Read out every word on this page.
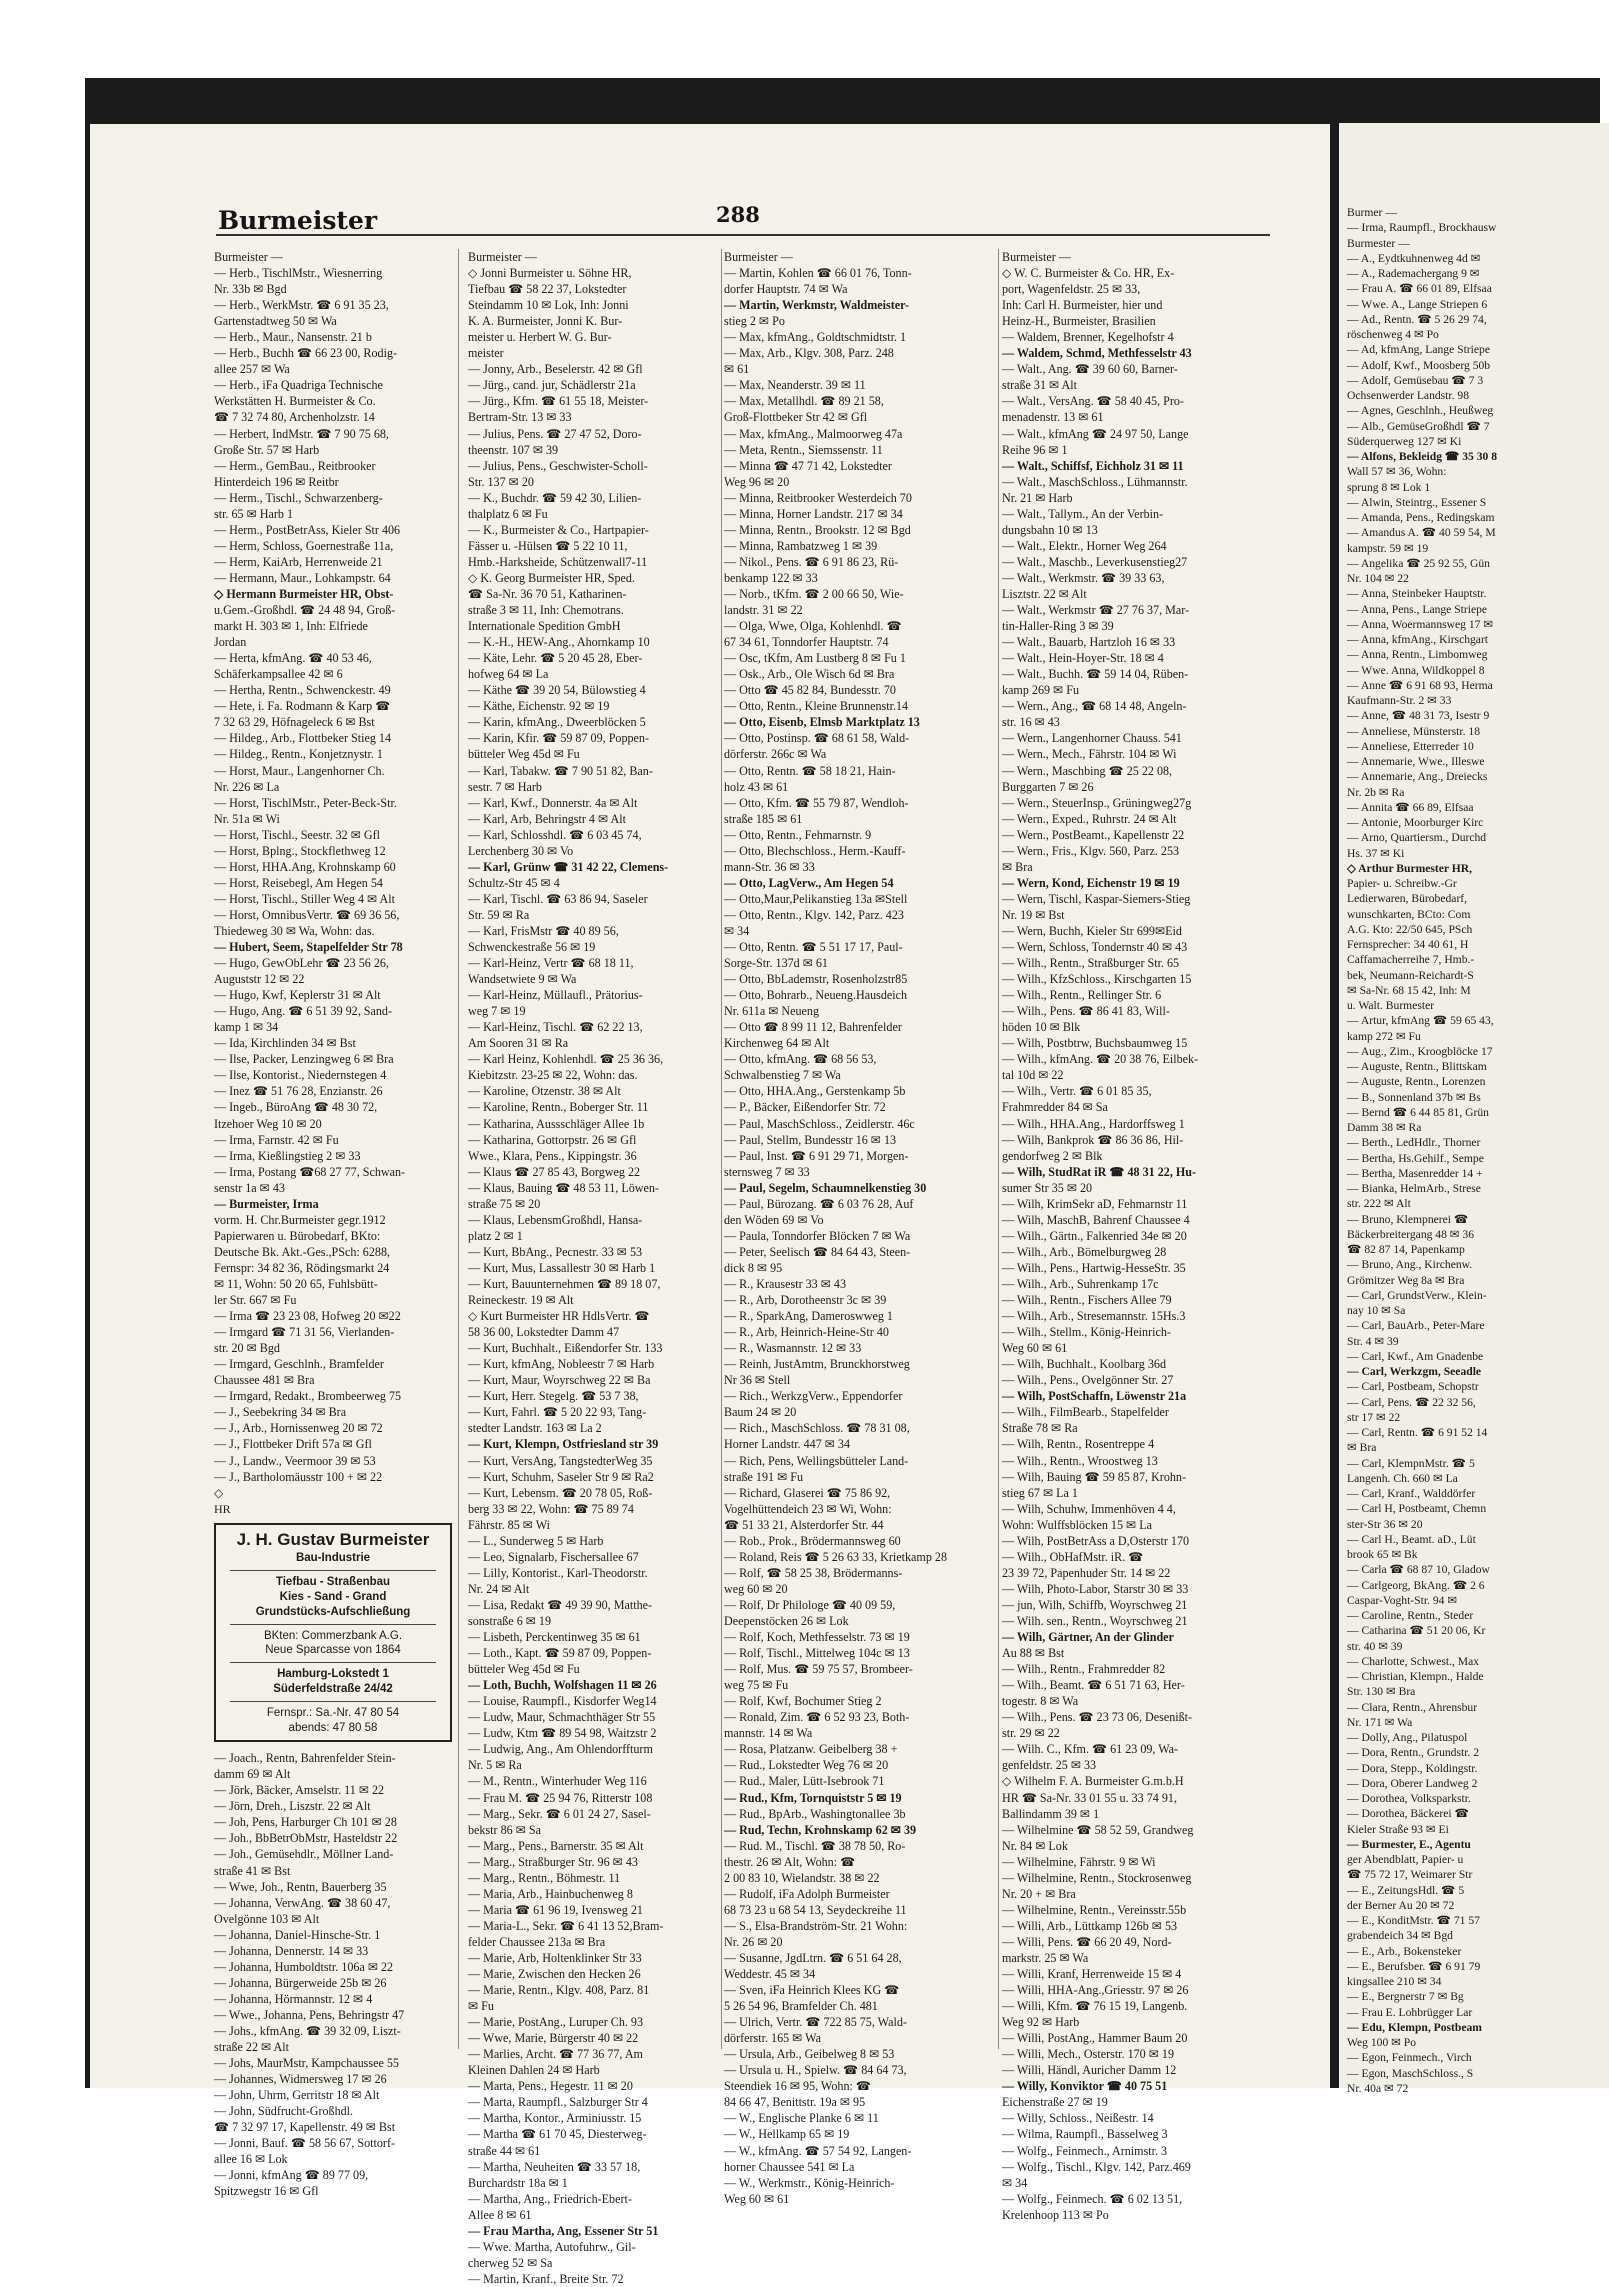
Burmeister	288
Burmeister —
— Herb., TischlMstr., Wiesnerring
Nr. 33b ✉ Bgd
— Herb., WerkMstr. ☎ 6 91 35 23,
Gartenstadtweg 50 ✉ Wa
— Herb., Maur., Nansenstr. 21 b
— Herb., Buchh ☎ 66 23 00, Rodig-
allee 257 ✉ Wa
— Herb., iFa Quadriga Technische
Werkstätten H. Burmeister & Co.
☎ 7 32 74 80, Archenholzstr. 14
— Herbert, IndMstr. ☎ 7 90 75 68,
Große Str. 57 ✉ Harb
— Herm., GemBau., Reitbrooker
Hinterdeich 196 ✉ Reitbr
— Herm., Tischl., Schwarzenberg-
str. 65 ✉ Harb 1
— Herm., PostBetrAss, Kieler Str 406
— Herm, Schloss, Goernestraße 11a,
— Herm, KaiArb, Herrenweide 21
— Hermann, Maur., Lohkampstr. 64
◇ Hermann Burmeister HR, Obst-
u.Gem.-Großhdl. ☎ 24 48 94, Groß-
markt H. 303 ✉ 1, Inh: Elfriede
Jordan
— Herta, kfmAng. ☎ 40 53 46,
Schäferkampsallee 42 ✉ 6
— Hertha, Rentn., Schwenckestr. 49
— Hete, i. Fa. Rodmann & Karp ☎
7 32 63 29, Höfnageleck 6 ✉ Bst
— Hildeg., Arb., Flottbeker Stieg 14
— Hildeg., Rentn., Konjetznystr. 1
— Horst, Maur., Langenhorner Ch.
Nr. 226 ✉ La
— Horst, TischlMstr., Peter-Beck-Str.
Nr. 51a ✉ Wi
— Horst, Tischl., Seestr. 32 ✉ Gfl
— Horst, Bplng., Stockflethweg 12
— Horst, HHA.Ang, Krohnskamp 60
— Horst, Reisebegl, Am Hegen 54
— Horst, Tischl., Stiller Weg 4 ✉ Alt
— Horst, OmnibusVertr. ☎ 69 36 56,
Thiedeweg 30 ✉ Wa, Wohn: das.
— Hubert, Seem, Stapelfelder Str 78
— Hugo, GewObLehr ☎ 23 56 26,
Auguststr 12 ✉ 22
— Hugo, Kwf, Keplerstr 31 ✉ Alt
— Hugo, Ang. ☎ 6 51 39 92, Sand-
kamp 1 ✉ 34
— Ida, Kirchlinden 34 ✉ Bst
— Ilse, Packer, Lenzingweg 6 ✉ Bra
— Ilse, Kontorist., Niedernstegen 4
— Inez ☎ 51 76 28, Enzianstr. 26
— Ingeb., BüroAng ☎ 48 30 72,
Itzehoer Weg 10 ✉ 20
— Irma, Farnstr. 42 ✉ Fu
— Irma, Kießlingstieg 2 ✉ 33
— Irma, Postang ☎68 27 77, Schwan-
senstr 1a ✉ 43
— Burmeister, Irma
vorm. H. Chr.Burmeister gegr.1912
Papierwaren u. Bürobedarf, BKto:
Deutsche Bk. Akt.-Ges.,PSch: 6288,
Fernspr: 34 82 36, Rödingsmarkt 24
✉ 11, Wohn: 50 20 65, Fuhlsbütt-
ler Str. 667 ✉ Fu
— Irma ☎ 23 23 08, Hofweg 20 ✉22
— Irmgard ☎ 71 31 56, Vierlanden-
str. 20 ✉ Bgd
— Irmgard, Geschlnh., Bramfelder
Chaussee 481 ✉ Bra
— Irmgard, Redakt., Brombeerweg 75
— J., Seebekring 34 ✉ Bra
— J., Arb., Hornissenweg 20 ✉ 72
— J., Flottbeker Drift 57a ✉ Gfl
— J., Landw., Veermoor 39 ✉ 53
— J., Bartholomäusstr 100 + ✉ 22
◇
HR
J. H. Gustav Burmeister
Bau-Industrie
Tiefbau - Straßenbau
Kies - Sand - Grand
Grundstücks-Aufschließung
BKten: Commerzbank A.G.
Neue Sparcasse von 1864
Hamburg-Lokstedt 1
Süderfeldstraße 24/42
Fernspr.: Sa.-Nr. 47 80 54
abends: 47 80 58
— Joach., Rentn, Bahrenfelder Stein-
damm 69 ✉ Alt
— Jörk, Bäcker, Amselstr. 11 ✉ 22
— Jörn, Dreh., Liszstr. 22 ✉ Alt
— Joh, Pens, Harburger Ch 101 ✉ 28
— Joh., BbBetrObMstr, Hasteldstr 22
— Joh., Gemüsehdlr., Möllner Land-
straße 41 ✉ Bst
— Wwe, Joh., Rentn, Bauerberg 35
— Johanna, VerwAng. ☎ 38 60 47,
Ovelgönne 103 ✉ Alt
— Johanna, Daniel-Hinsche-Str. 1
— Johanna, Dennerstr. 14 ✉ 33
— Johanna, Humboldtstr. 106a ✉ 22
— Johanna, Bürgerweide 25b ✉ 26
— Johanna, Hörmannstr. 12 ✉ 4
— Wwe., Johanna, Pens, Behringstr 47
— Johs., kfmAng. ☎ 39 32 09, Liszt-
straße 22 ✉ Alt
— Johs, MaurMstr, Kampchaussee 55
— Johannes, Widmersweg 17 ✉ 26
— John, Uhrm, Gerritstr 18 ✉ Alt
— John, Südfrucht-Großhdl.
☎ 7 32 97 17, Kapellenstr. 49 ✉ Bst
— Jonni, Bauf. ☎ 58 56 67, Sottorf-
allee 16 ✉ Lok
— Jonni, kfmAng ☎ 89 77 09,
Spitzwegstr 16 ✉ Gfl
Burmeister —
◇ Jonni Burmeister u. Söhne HR,
Tiefbau ☎ 58 22 37, Lokstedter
Steindamm 10 ✉ Lok, Inh: Jonni
K. A. Burmeister, Jonni K. Bur-
meister u. Herbert W. G. Bur-
meister
— Jonny, Arb., Beselerstr. 42 ✉ Gfl
— Jürg., cand. jur, Schädlerstr 21a
— Jürg., Kfm. ☎ 61 55 18, Meister-
Bertram-Str. 13 ✉ 33
— Julius, Pens. ☎ 27 47 52, Doro-
theenstr. 107 ✉ 39
— Julius, Pens., Geschwister-Scholl-
Str. 137 ✉ 20
— K., Buchdr. ☎ 59 42 30, Lilien-
thalplatz 6 ✉ Fu
— K., Burmeister & Co., Hartpapier-
Fässer u. -Hülsen ☎ 5 22 10 11,
Hmb.-Harksheide, Schützenwall7-11
◇ K. Georg Burmeister HR, Sped.
☎ Sa-Nr. 36 70 51, Katharinen-
straße 3 ✉ 11, Inh: Chemotrans.
Internationale Spedition GmbH
— K.-H., HEW-Ang., Ahornkamp 10
— Käte, Lehr. ☎ 5 20 45 28, Eber-
hofweg 64 ✉ La
— Käthe ☎ 39 20 54, Bülowstieg 4
— Käthe, Eichenstr. 92 ✉ 19
— Karin, kfmAng., Dweerblöcken 5
— Karin, Kfir. ☎ 59 87 09, Poppen-
bütteler Weg 45d ✉ Fu
— Karl, Tabakw. ☎ 7 90 51 82, Ban-
sestr. 7 ✉ Harb
— Karl, Kwf., Donnerstr. 4a ✉ Alt
— Karl, Arb, Behringstr 4 ✉ Alt
— Karl, Schlosshdl. ☎ 6 03 45 74,
Lerchenberg 30 ✉ Vo
— Karl, Grünw ☎ 31 42 22, Clemens-
Schultz-Str 45 ✉ 4
— Karl, Tischl. ☎ 63 86 94, Saseler
Str. 59 ✉ Ra
— Karl, FrisMstr ☎ 40 89 56,
Schwenckestraße 56 ✉ 19
— Karl-Heinz, Vertr ☎ 68 18 11,
Wandsetwiete 9 ✉ Wa
— Karl-Heinz, Müllaufl., Prätorius-
weg 7 ✉ 19
— Karl-Heinz, Tischl. ☎ 62 22 13,
Am Sooren 31 ✉ Ra
— Karl Heinz, Kohlenhdl. ☎ 25 36 36,
Kiebitzstr. 23-25 ✉ 22, Wohn: das.
— Karoline, Otzenstr. 38 ✉ Alt
— Karoline, Rentn., Boberger Str. 11
— Katharina, Aussschläger Allee 1b
— Katharina, Gottorpstr. 26 ✉ Gfl
Wwe., Klara, Pens., Kippingstr. 36
— Klaus ☎ 27 85 43, Borgweg 22
— Klaus, Bauing ☎ 48 53 11, Löwen-
straße 75 ✉ 20
— Klaus, LebensmGroßhdl, Hansa-
platz 2 ✉ 1
— Kurt, BbAng., Pecnestr. 33 ✉ 53
— Kurt, Mus, Lassallestr 30 ✉ Harb 1
— Kurt, Bauunternehmen ☎ 89 18 07,
Reineckestr. 19 ✉ Alt
◇ Kurt Burmeister HR HdlsVertr. ☎
58 36 00, Lokstedter Damm 47
— Kurt, Buchhalt., Eißendorfer Str. 133
— Kurt, kfmAng, Nobleestr 7 ✉ Harb
— Kurt, Maur, Woyrschweg 22 ✉ Ba
— Kurt, Herr. Stegelg. ☎ 53 7 38,
— Kurt, Fahrl. ☎ 5 20 22 93, Tang-
stedter Landstr. 163 ✉ La 2
— Kurt, Klempn, Ostfriesland str 39
— Kurt, VersAng, TangstedterWeg 35
— Kurt, Schuhm, Saseler Str 9 ✉ Ra2
— Kurt, Lebensm. ☎ 20 78 05, Roß-
berg 33 ✉ 22, Wohn: ☎ 75 89 74
Fährstr. 85 ✉ Wi
— L., Sunderweg 5 ✉ Harb
— Leo, Signalarb, Fischersallee 67
— Lilly, Kontorist., Karl-Theodorstr.
Nr. 24 ✉ Alt
— Lisa, Redakt ☎ 49 39 90, Matthe-
sonstraße 6 ✉ 19
— Lisbeth, Perckentinweg 35 ✉ 61
— Loth., Kapt. ☎ 59 87 09, Poppen-
bütteler Weg 45d ✉ Fu
— Loth, Buchh, Wolfshagen 11 ✉ 26
— Louise, Raumpfl., Kisdorfer Weg14
— Ludw, Maur, Schmachthäger Str 55
— Ludw, Ktm ☎ 89 54 98, Waitzstr 2
— Ludwig, Ang., Am Ohlendorffturm
Nr. 5 ✉ Ra
— M., Rentn., Winterhuder Weg 116
— Frau M. ☎ 25 94 76, Ritterstr 108
— Marg., Sekr. ☎ 6 01 24 27, Sasel-
bekstr 86 ✉ Sa
— Marg., Pens., Barnerstr. 35 ✉ Alt
— Marg., Straßburger Str. 96 ✉ 43
— Marg., Rentn., Böhmestr. 11
— Maria, Arb., Hainbuchenweg 8
— Maria ☎ 61 96 19, Ivensweg 21
— Maria-L., Sekr. ☎ 6 41 13 52,Bram-
felder Chaussee 213a ✉ Bra
— Marie, Arb, Holtenklinker Str 33
— Marie, Zwischen den Hecken 26
— Marie, Rentn., Klgv. 408, Parz. 81
✉ Fu
— Marie, PostAng., Luruper Ch. 93
— Wwe, Marie, Bürgerstr 40 ✉ 22
— Marlies, Archt. ☎ 77 36 77, Am
Kleinen Dahlen 24 ✉ Harb
— Marta, Pens., Hegestr. 11 ✉ 20
— Marta, Raumpfl., Salzburger Str 4
— Martha, Kontor., Arminiusstr. 15
— Martha ☎ 61 70 45, Diesterweg-
straße 44 ✉ 61
— Martha, Neuheiten ☎ 33 57 18,
Burchardstr 18a ✉ 1
— Martha, Ang., Friedrich-Ebert-
Allee 8 ✉ 61
— Frau Martha, Ang, Essener Str 51
— Wwe. Martha, Autofuhrw., Gil-
cherweg 52 ✉ Sa
— Martin, Kranf., Breite Str. 72
Burmeister —
— Martin, Kohlen ☎ 66 01 76, Tonn-
dorfer Hauptstr. 74 ✉ Wa
— Martin, Werkmstr, Waldmeister-
stieg 2 ✉ Po
— Max, kfmAng., Goldtschmidtstr. 1
— Max, Arb., Klgv. 308, Parz. 248
✉ 61
— Max, Neanderstr. 39 ✉ 11
— Max, Metallhdl. ☎ 89 21 58,
Groß-Flottbeker Str 42 ✉ Gfl
— Max, kfmAng., Malmoorweg 47a
— Meta, Rentn., Siemssenstr. 11
— Minna ☎ 47 71 42, Lokstedter
Weg 96 ✉ 20
— Minna, Reitbrooker Westerdeich 70
— Minna, Horner Landstr. 217 ✉ 34
— Minna, Rentn., Brookstr. 12 ✉ Bgd
— Minna, Rambatzweg 1 ✉ 39
— Nikol., Pens. ☎ 6 91 86 23, Rü-
benkamp 122 ✉ 33
— Norb., tKfm. ☎ 2 00 66 50, Wie-
landstr. 31 ✉ 22
— Olga, Wwe, Olga, Kohlenhdl. ☎
67 34 61, Tonndorfer Hauptstr. 74
— Osc, tKfm, Am Lustberg 8 ✉ Fu 1
— Osk., Arb., Ole Wisch 6d ✉ Bra
— Otto ☎ 45 82 84, Bundesstr. 70
— Otto, Rentn., Kleine Brunnenstr.14
— Otto, Eisenb, Elmsb Marktplatz 13
— Otto, Postinsp. ☎ 68 61 58, Wald-
dörferstr. 266c ✉ Wa
— Otto, Rentn. ☎ 58 18 21, Hain-
holz 43 ✉ 61
— Otto, Kfm. ☎ 55 79 87, Wendloh-
straße 185 ✉ 61
— Otto, Rentn., Fehmarnstr. 9
— Otto, Blechschloss., Herm.-Kauff-
mann-Str. 36 ✉ 33
— Otto, LagVerw., Am Hegen 54
— Otto,Maur,Pelikanstieg 13a ✉Stell
— Otto, Rentn., Klgv. 142, Parz. 423
✉ 34
— Otto, Rentn. ☎ 5 51 17 17, Paul-
Sorge-Str. 137d ✉ 61
— Otto, BbLademstr, Rosenholzstr85
— Otto, Bohrarb., Neueng.Hausdeich
Nr. 611a ✉ Neueng
— Otto ☎ 8 99 11 12, Bahrenfelder
Kirchenweg 64 ✉ Alt
— Otto, kfmAng. ☎ 68 56 53,
Schwalbenstieg 7 ✉ Wa
— Otto, HHA.Ang., Gerstenkamp 5b
— P., Bäcker, Eißendorfer Str. 72
— Paul, MaschSchloss., Zeidlerstr. 46c
— Paul, Stellm, Bundesstr 16 ✉ 13
— Paul, Inst. ☎ 6 91 29 71, Morgen-
sternsweg 7 ✉ 33
— Paul, Segelm, Schaumnelkenstieg 30
— Paul, Bürozang. ☎ 6 03 76 28, Auf
den Wöden 69 ✉ Vo
— Paula, Tonndorfer Blöcken 7 ✉ Wa
— Peter, Seelisch ☎ 84 64 43, Steen-
dick 8 ✉ 95
— R., Krausestr 33 ✉ 43
— R., Arb, Dorotheenstr 3c ✉ 39
— R., SparkAng, Dameroswweg 1
— R., Arb, Heinrich-Heine-Str 40
— R., Wasmannstr. 12 ✉ 33
— Reinh, JustAmtm, Brunckhorstweg
Nr 36 ✉ Stell
— Rich., WerkzgVerw., Eppendorfer
Baum 24 ✉ 20
— Rich., MaschSchloss. ☎ 78 31 08,
Horner Landstr. 447 ✉ 34
— Rich, Pens, Wellingsbütteler Land-
straße 191 ✉ Fu
— Richard, Glaserei ☎ 75 86 92,
Vogelhüttendeich 23 ✉ Wi, Wohn:
☎ 51 33 21, Alsterdorfer Str. 44
— Rob., Prok., Brödermannsweg 60
— Roland, Reis ☎ 5 26 63 33, Krietkamp 28
— Rolf, ☎ 58 25 38, Brödermanns-
weg 60 ✉ 20
— Rolf, Dr Philologe ☎ 40 09 59,
Deepenstöcken 26 ✉ Lok
— Rolf, Koch, Methfesselstr. 73 ✉ 19
— Rolf, Tischl., Mittelweg 104c ✉ 13
— Rolf, Mus. ☎ 59 75 57, Brombeer-
weg 75 ✉ Fu
— Rolf, Kwf, Bochumer Stieg 2
— Ronald, Zim. ☎ 6 52 93 23, Both-
mannstr. 14 ✉ Wa
— Rosa, Platzanw. Geibelberg 38 +
— Rud., Lokstedter Weg 76 ✉ 20
— Rud., Maler, Lütt-Isebrook 71
— Rud., Kfm, Tornquiststr 5 ✉ 19
— Rud., BpArb., Washingtonallee 3b
— Rud, Techn, Krohnskamp 62 ✉ 39
— Rud. M., Tischl. ☎ 38 78 50, Ro-
thestr. 26 ✉ Alt, Wohn: ☎
2 00 83 10, Wielandstr. 38 ✉ 22
— Rudolf, iFa Adolph Burmeister
68 73 23 u 68 54 13, Seydeckreihe 11
— S., Elsa-Brandström-Str. 21 Wohn:
Nr. 26 ✉ 20
— Susanne, JgdLtrn. ☎ 6 51 64 28,
Weddestr. 45 ✉ 34
— Sven, iFa Heinrich Klees KG ☎
5 26 54 96, Bramfelder Ch. 481
— Ulrich, Vertr. ☎ 722 85 75, Wald-
dörferstr. 165 ✉ Wa
— Ursula, Arb., Geibelweg 8 ✉ 53
— Ursula u. H., Spielw. ☎ 84 64 73,
Steendiek 16 ✉ 95, Wohn: ☎
84 66 47, Benittstr. 19a ✉ 95
— W., Englische Planke 6 ✉ 11
— W., Hellkamp 65 ✉ 19
— W., kfmAng. ☎ 57 54 92, Langen-
horner Chaussee 541 ✉ La
— W., Werkmstr., König-Heinrich-
Weg 60 ✉ 61
Burmeister —
◇ W. C. Burmeister & Co. HR, Ex-
port, Wagenfeldstr. 25 ✉ 33,
Inh: Carl H. Burmeister, hier und
Heinz-H., Burmeister, Brasilien
— Waldem, Brenner, Kegelhofstr 4
— Waldem, Schmd, Methfesselstr 43
— Walt., Ang. ☎ 39 60 60, Barner-
straße 31 ✉ Alt
— Walt., VersAng. ☎ 58 40 45, Pro-
menadenstr. 13 ✉ 61
— Walt., kfmAng ☎ 24 97 50, Lange
Reihe 96 ✉ 1
— Walt., Schiffsf, Eichholz 31 ✉ 11
— Walt., MaschSchloss., Lühmannstr.
Nr. 21 ✉ Harb
— Walt., Tallym., An der Verbin-
dungsbahn 10 ✉ 13
— Walt., Elektr., Horner Weg 264
— Walt., Maschb., Leverkusenstieg27
— Walt., Werkmstr. ☎ 39 33 63,
Lisztstr. 22 ✉ Alt
— Walt., Werkmstr ☎ 27 76 37, Mar-
tin-Haller-Ring 3 ✉ 39
— Walt., Bauarb, Hartzloh 16 ✉ 33
— Walt., Hein-Hoyer-Str. 18 ✉ 4
— Walt., Buchh. ☎ 59 14 04, Rüben-
kamp 269 ✉ Fu
— Wern., Ang., ☎ 68 14 48, Angeln-
str. 16 ✉ 43
— Wern., Langenhorner Chauss. 541
— Wern., Mech., Fährstr. 104 ✉ Wi
— Wern., Maschbing ☎ 25 22 08,
Burggarten 7 ✉ 26
— Wern., SteuerInsp., Grüningweg27g
— Wern., Exped., Ruhrstr. 24 ✉ Alt
— Wern., PostBeamt., Kapellenstr 22
— Wern., Fris., Klgv. 560, Parz. 253
✉ Bra
— Wern, Kond, Eichenstr 19 ✉ 19
— Wern, Tischl, Kaspar-Siemers-Stieg
Nr. 19 ✉ Bst
— Wern, Buchh, Kieler Str 699✉Eid
— Wern, Schloss, Tondernstr 40 ✉ 43
— Wilh., Rentn., Straßburger Str. 65
— Wilh., KfzSchloss., Kirschgarten 15
— Wilh., Rentn., Rellinger Str. 6
— Wilh., Pens. ☎ 86 41 83, Will-
höden 10 ✉ Blk
— Wilh, Postbtrw, Buchsbaumweg 15
— Wilh., kfmAng. ☎ 20 38 76, Eilbek-
tal 10d ✉ 22
— Wilh., Vertr. ☎ 6 01 85 35,
Frahmredder 84 ✉ Sa
— Wilh., HHA.Ang., Hardorffsweg 1
— Wilh, Bankprok ☎ 86 36 86, Hil-
gendorfweg 2 ✉ Blk
— Wilh, StudRat iR ☎ 48 31 22, Hu-
sumer Str 35 ✉ 20
— Wilh, KrimSekr aD, Fehmarnstr 11
— Wilh, MaschB, Bahrenf Chaussee 4
— Wilh., Gärtn., Falkenried 34e ✉ 20
— Wilh., Arb., Bömelburgweg 28
— Wilh., Pens., Hartwig-HesseStr. 35
— Wilh., Arb., Suhrenkamp 17c
— Wilh., Rentn., Fischers Allee 79
— Wilh., Arb., Stresemannstr. 15Hs.3
— Wilh., Stellm., König-Heinrich-
Weg 60 ✉ 61
— Wilh, Buchhalt., Koolbarg 36d
— Wilh., Pens., Ovelgönner Str. 27
— Wilh, PostSchaffn, Löwenstr 21a
— Wilh., FilmBearb., Stapelfelder
Straße 78 ✉ Ra
— Wilh, Rentn., Rosentreppe 4
— Wilh., Rentn., Wroostweg 13
— Wilh, Bauing ☎ 59 85 87, Krohn-
stieg 67 ✉ La 1
— Wilh, Schuhw, Immenhöven 4 4,
Wohn: Wulffsblöcken 15 ✉ La
— Wilh, PostBetrAss a D,Osterstr 170
— Wilh., ObHafMstr. iR. ☎
23 39 72, Papenhuder Str. 14 ✉ 22
— Wilh, Photo-Labor, Starstr 30 ✉ 33
— jun, Wilh, Schiffb, Woyrschweg 21
— Wilh. sen., Rentn., Woyrschweg 21
— Wilh, Gärtner, An der Glinder
Au 88 ✉ Bst
— Wilh., Rentn., Frahmredder 82
— Wilh., Beamt. ☎ 6 51 71 63, Her-
togestr. 8 ✉ Wa
— Wilh., Pens. ☎ 23 73 06, Desenißt-
str. 29 ✉ 22
— Wilh. C., Kfm. ☎ 61 23 09, Wa-
genfeldstr. 25 ✉ 33
◇ Wilhelm F. A. Burmeister G.m.b.H
HR ☎ Sa-Nr. 33 01 55 u. 33 74 91,
Ballindamm 39 ✉ 1
— Wilhelmine ☎ 58 52 59, Grandweg
Nr. 84 ✉ Lok
— Wilhelmine, Fährstr. 9 ✉ Wi
— Wilhelmine, Rentn., Stockrosenweg
Nr. 20 + ✉ Bra
— Wilhelmine, Rentn., Vereinsstr.55b
— Willi, Arb., Lüttkamp 126b ✉ 53
— Willi, Pens. ☎ 66 20 49, Nord-
markstr. 25 ✉ Wa
— Willi, Kranf, Herrenweide 15 ✉ 4
— Willi, HHA-Ang.,Griesstr. 97 ✉ 26
— Willi, Kfm. ☎ 76 15 19, Langenb.
Weg 92 ✉ Harb
— Willi, PostAng., Hammer Baum 20
— Willi, Mech., Osterstr. 170 ✉ 19
— Willi, Händl, Auricher Damm 12
— Willy, Konviktor ☎ 40 75 51
Eichenstraße 27 ✉ 19
— Willy, Schloss., Neißestr. 14
— Wilma, Raumpfl., Basselweg 3
— Wolfg., Feinmech., Arnimstr. 3
— Wolfg., Tischl., Klgv. 142, Parz.469
✉ 34
— Wolfg., Feinmech. ☎ 6 02 13 51,
Krelenhoop 113 ✉ Po
Burmer —
— Irma, Raumpfl., Brockhausw
Burmester —
— A., Eydtkuhnenweg 4d ✉
— A., Rademachergang 9 ✉
— Frau A. ☎ 66 01 89, Elfsaa
— Wwe. A., Lange Striepen 6
— Ad., Rentn. ☎ 5 26 29 74,
röschenweg 4 ✉ Po
— Ad, kfmAng, Lange Striepe
— Adolf, Kwf., Moosberg 50b
— Adolf, Gemüsebau ☎ 7 3
Ochsenwerder Landstr. 98
— Agnes, Geschlnh., Heußweg
— Alb., GemüseGroßhdl ☎ 7
Süderquerweg 127 ✉ Ki
— Alfons, Bekleidg ☎ 35 30 8
Wall 57 ✉ 36, Wohn:
sprung 8 ✉ Lok 1
— Alwin, Steintrg., Essener S
— Amanda, Pens., Redingskam
— Amandus A. ☎ 40 59 54, M
kampstr. 59 ✉ 19
— Angelika ☎ 25 92 55, Gün
Nr. 104 ✉ 22
— Anna, Steinbeker Hauptstr.
— Anna, Pens., Lange Striepe
— Anna, Woermannsweg 17 ✉
— Anna, kfmAng., Kirschgart
— Anna, Rentn., Limbomweg
— Wwe. Anna, Wildkoppel 8
— Anne ☎ 6 91 68 93, Herma
Kaufmann-Str. 2 ✉ 33
— Anne, ☎ 48 31 73, Isestr 9
— Anneliese, Münsterstr. 18
— Anneliese, Etterreder 10
— Annemarie, Wwe., Illeswe
— Annemarie, Ang., Dreiecks
Nr. 2b ✉ Ra
— Annita ☎ 66 89, Elfsaa
— Antonie, Moorburger Kirc
— Arno, Quartiersm., Durchd
Hs. 37 ✉ Ki
◇ Arthur Burmester HR,
Papier- u. Schreibw.-Gr
Ledierwaren, Bürobedarf,
wunschkarten, BCto: Com
A.G. Kto: 22/50 645, PSch
Fernsprecher: 34 40 61, H
Caffamacherreihe 7, Hmb.-
bek, Neumann-Reichardt-S
✉ Sa-Nr. 68 15 42, Inh: M
u. Walt. Burmester
— Artur, kfmAng ☎ 59 65 43,
kamp 272 ✉ Fu
— Aug., Zim., Kroogblöcke 17
— Auguste, Rentn., Blittskam
— Auguste, Rentn., Lorenzen
— B., Sonnenland 37b ✉ Bs
— Bernd ☎ 6 44 85 81, Grün
Damm 38 ✉ Ra
— Berth., LedHdlr., Thorner
— Bertha, Hs.Gehilf., Sempe
— Bertha, Masenredder 14 +
— Bianka, HelmArb., Strese
str. 222 ✉ Alt
— Bruno, Klempnerei ☎
Bäckerbreitergang 48 ✉ 36
☎ 82 87 14, Papenkamp
— Bruno, Ang., Kirchenw.
Grömitzer Weg 8a ✉ Bra
— Carl, GrundstVerw., Klein-
nay 10 ✉ Sa
— Carl, BauArb., Peter-Mare
Str. 4 ✉ 39
— Carl, Kwf., Am Gnadenbe
— Carl, Werkzgm, Seeadle
— Carl, Postbeam, Schopstr
— Carl, Pens. ☎ 22 32 56,
str 17 ✉ 22
— Carl, Rentn. ☎ 6 91 52 14
✉ Bra
— Carl, KlempnMstr. ☎ 5
Langenh. Ch. 660 ✉ La
— Carl, Kranf., Walddörfer
— Carl H, Postbeamt, Chemn
ster-Str 36 ✉ 20
— Carl H., Beamt. aD., Lüt
brook 65 ✉ Bk
— Carla ☎ 68 87 10, Gladow
— Carlgeorg, BkAng. ☎ 2 6
Caspar-Voght-Str. 94 ✉
— Caroline, Rentn., Steder
— Catharina ☎ 51 20 06, Kr
str. 40 ✉ 39
— Charlotte, Schwest., Max
— Christian, Klempn., Halde
Str. 130 ✉ Bra
— Clara, Rentn., Ahrensbur
Nr. 171 ✉ Wa
— Dolly, Ang., Pilatuspol
— Dora, Rentn., Grundstr. 2
— Dora, Stepp., Koldingstr.
— Dora, Oberer Landweg 2
— Dorothea, Volksparkstr.
— Dorothea, Bäckerei ☎
Kieler Straße 93 ✉ Ei
— Burmester, E., Agentu
ger Abendblatt, Papier- u
☎ 75 72 17, Weimarer Str
— E., ZeitungsHdl. ☎ 5
der Berner Au 20 ✉ 72
— E., KonditMstr. ☎ 71 57
grabendeich 34 ✉ Bgd
— E., Arb., Bokensteker
— E., Berufsber. ☎ 6 91 79
kingsallee 210 ✉ 34
— E., Bergnerstr 7 ✉ Bg
— Frau E. Lohbrügger Lar
— Edu, Klempn, Postbeam
Weg 100 ✉ Po
— Egon, Feinmech., Virch
— Egon, MaschSchloss., S
Nr. 40a ✉ 72
